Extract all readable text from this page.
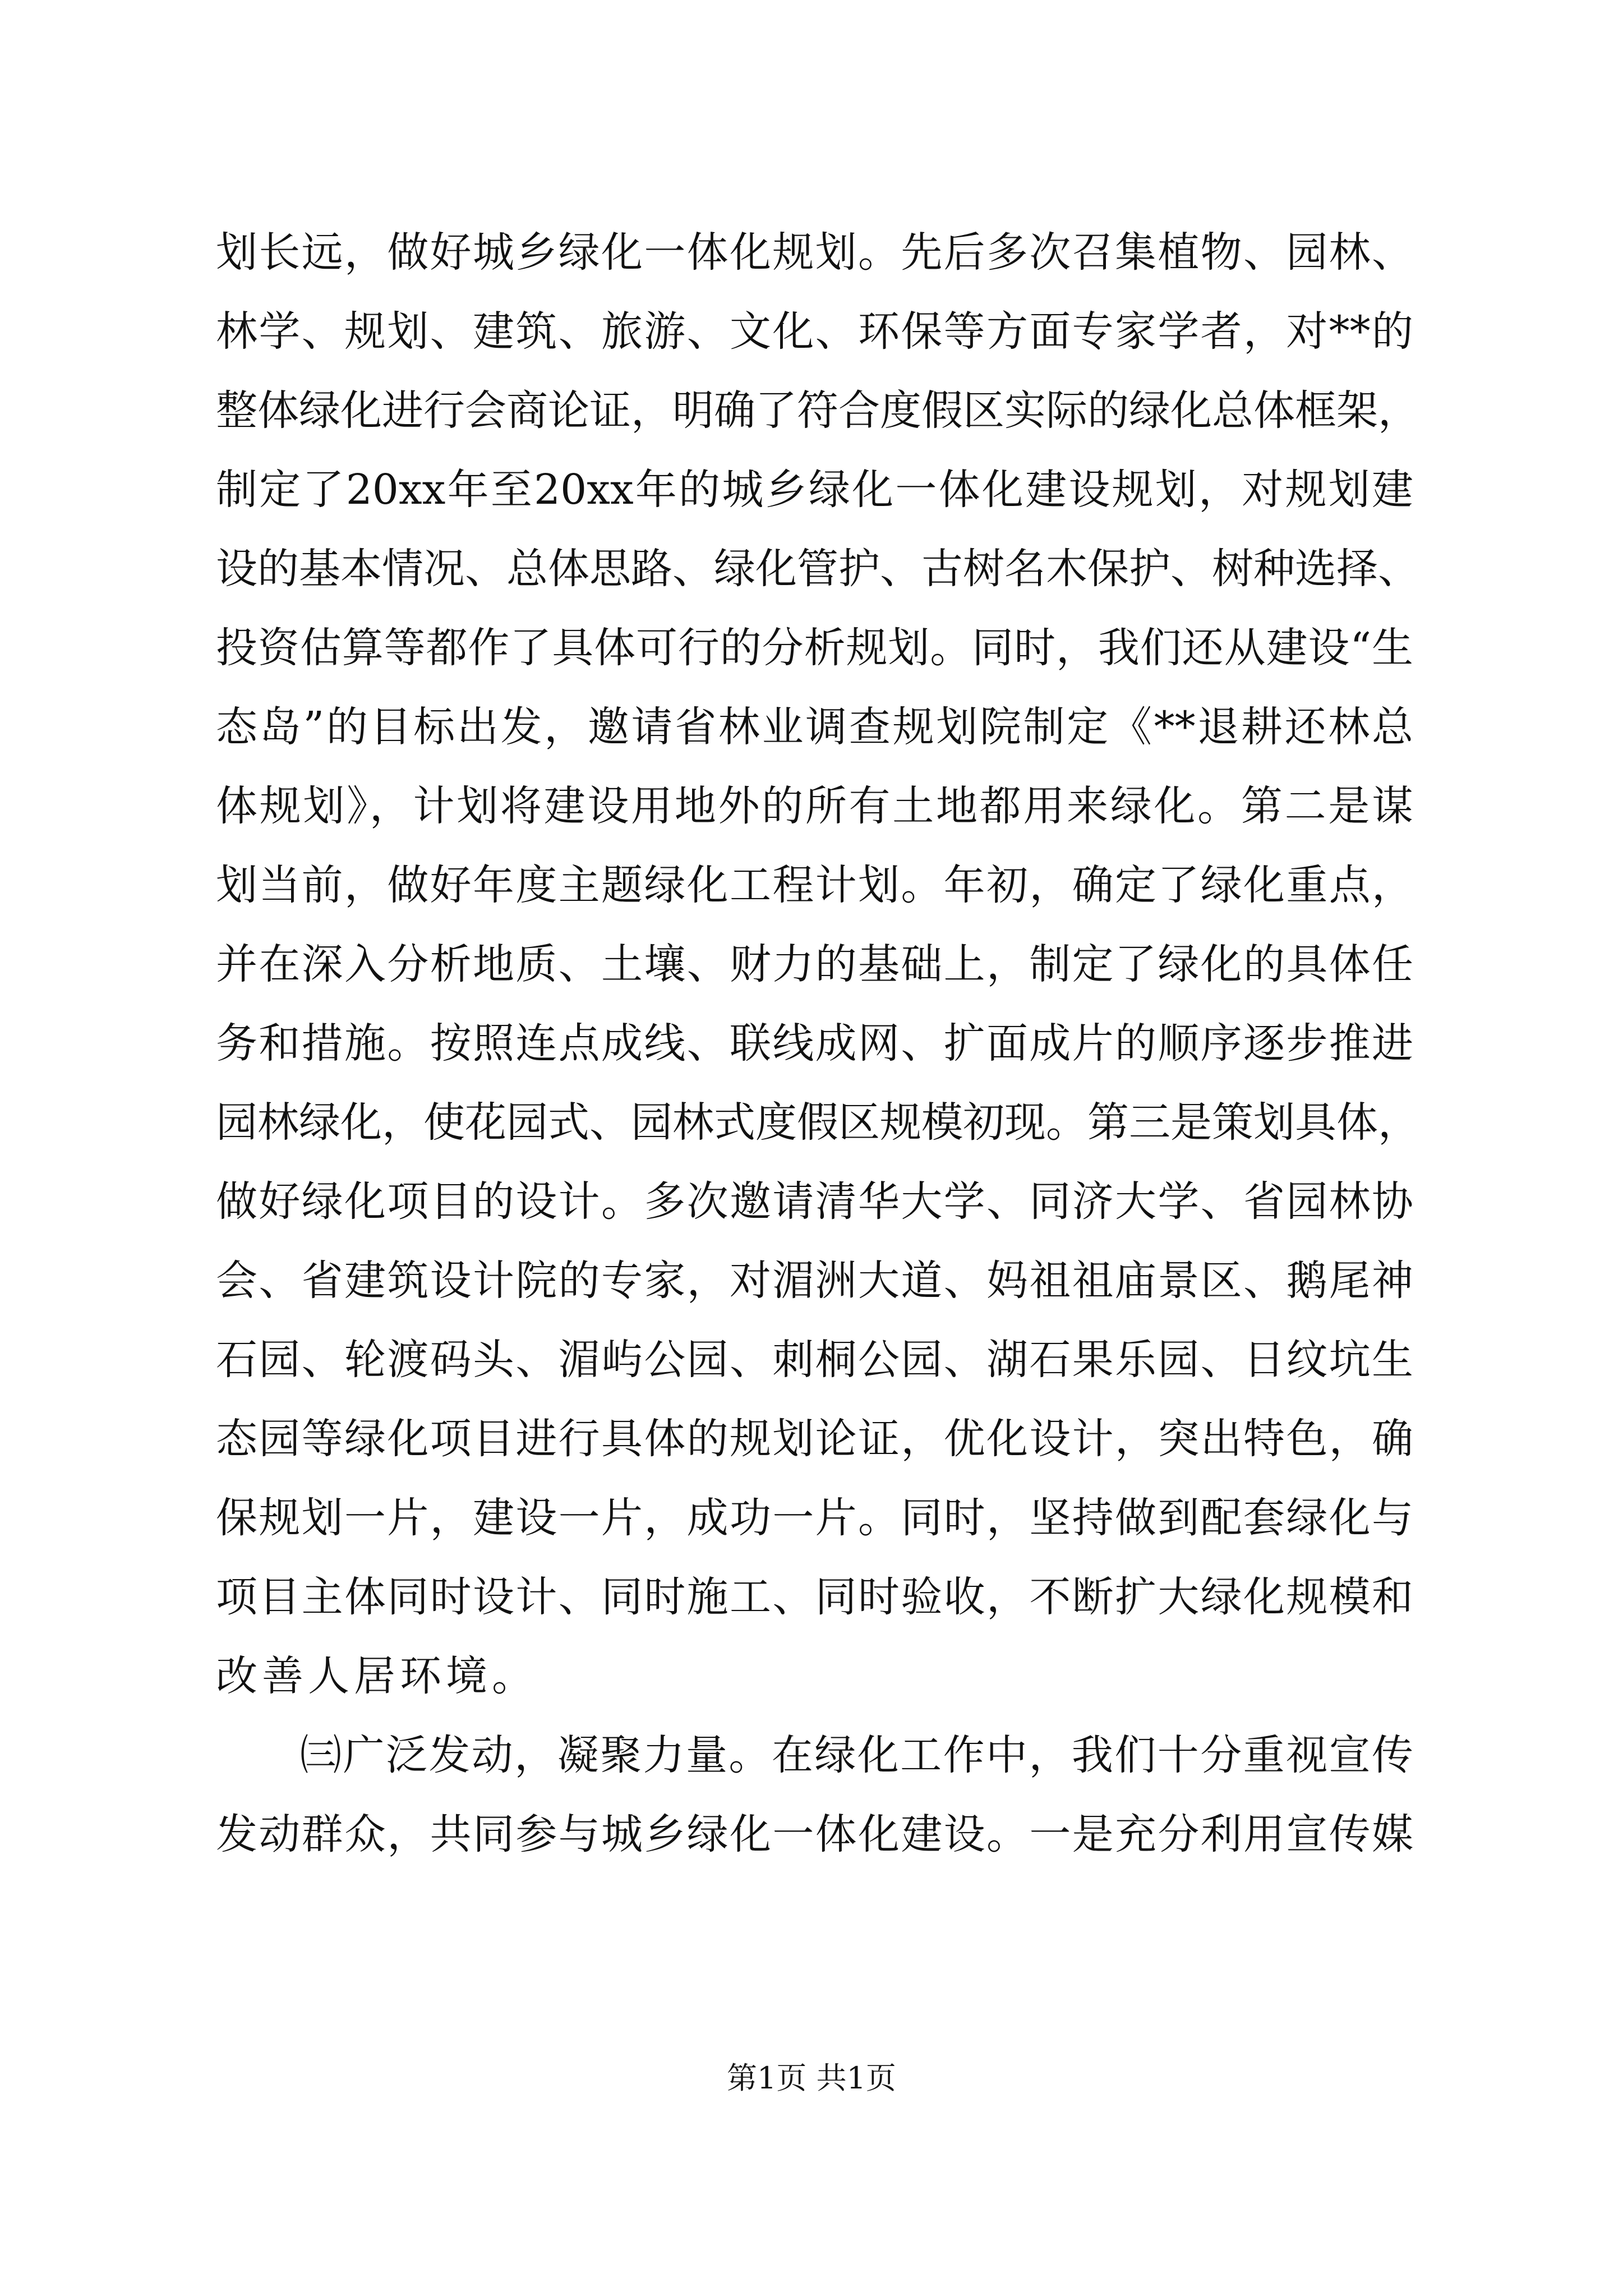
划长远，做好城乡绿化一体化规划。先后多次召集植物、园林、
林学、规划、建筑、旅游、文化、环保等方面专家学者，对**的
整体绿化进行会商论证，明确了符合度假区实际的绿化总体框架，
制定了20xx年至20xx年的城乡绿化一体化建设规划，对规划建
设的基本情况、总体思路、绿化管护、古树名木保护、树种选择、
投资估算等都作了具体可行的分析规划。同时，我们还从建设“生
态岛”的目标出发，邀请省林业调查规划院制定《**退耕还林总
体规划》，计划将建设用地外的所有土地都用来绿化。第二是谋
划当前，做好年度主题绿化工程计划。年初，确定了绿化重点，
并在深入分析地质、土壤、财力的基础上，制定了绿化的具体任
务和措施。按照连点成线、联线成网、扩面成片的顺序逐步推进
园林绿化，使花园式、园林式度假区规模初现。第三是策划具体，
做好绿化项目的设计。多次邀请清华大学、同济大学、省园林协
会、省建筑设计院的专家，对湄洲大道、妈祖祖庙景区、鹅尾神
石园、轮渡码头、湄屿公园、刺桐公园、湖石果乐园、日纹坑生
态园等绿化项目进行具体的规划论证，优化设计，突出特色，确
保规划一片，建设一片，成功一片。同时，坚持做到配套绿化与
项目主体同时设计、同时施工、同时验收，不断扩大绿化规模和
改善人居环境。
㈢广泛发动，凝聚力量。在绿化工作中，我们十分重视宣传
发动群众，共同参与城乡绿化一体化建设。一是充分利用宣传媒
第1页 共1页
